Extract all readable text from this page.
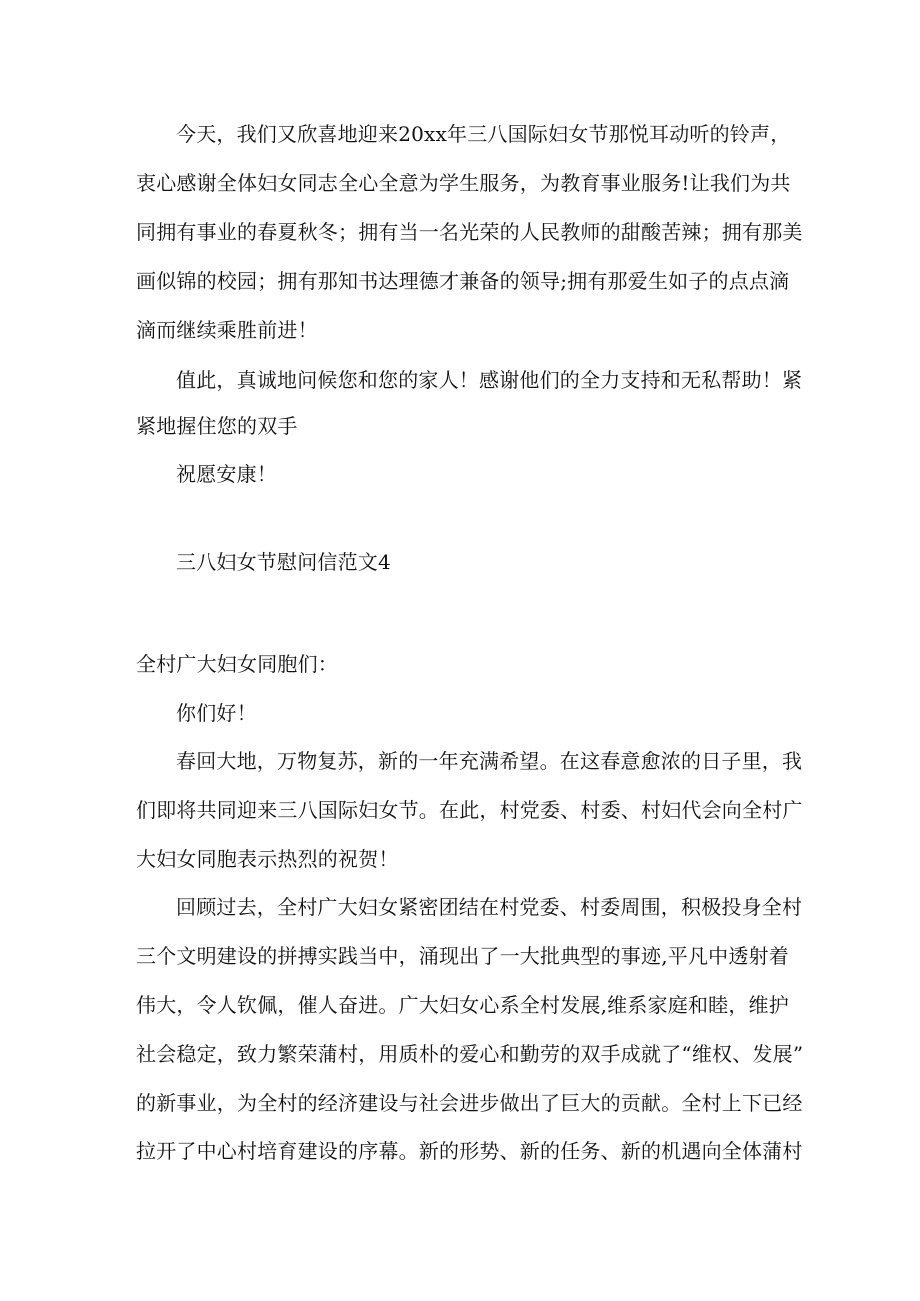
今天，我们又欣喜地迎来20xx年三八国际妇女节那悦耳动听的铃声，
衷心感谢全体妇女同志全心全意为学生服务，为教育事业服务!让我们为共
同拥有事业的春夏秋冬；拥有当一名光荣的人民教师的甜酸苦辣；拥有那美
画似锦的校园；拥有那知书达理德才兼备的领导;拥有那爱生如子的点点滴
滴而继续乘胜前进！
值此，真诚地问候您和您的家人！感谢他们的全力支持和无私帮助！紧
紧地握住您的双手
祝愿安康！
三八妇女节慰问信范文4
全村广大妇女同胞们：
你们好！
春回大地，万物复苏，新的一年充满希望。在这春意愈浓的日子里，我
们即将共同迎来三八国际妇女节。在此，村党委、村委、村妇代会向全村广
大妇女同胞表示热烈的祝贺！
回顾过去，全村广大妇女紧密团结在村党委、村委周围，积极投身全村
三个文明建设的拼搏实践当中，涌现出了一大批典型的事迹,平凡中透射着
伟大，令人钦佩，催人奋进。广大妇女心系全村发展,维系家庭和睦，维护
社会稳定，致力繁荣蒲村，用质朴的爱心和勤劳的双手成就了“维权、发展”
的新事业，为全村的经济建设与社会进步做出了巨大的贡献。全村上下已经
拉开了中心村培育建设的序幕。新的形势、新的任务、新的机遇向全体蒲村
